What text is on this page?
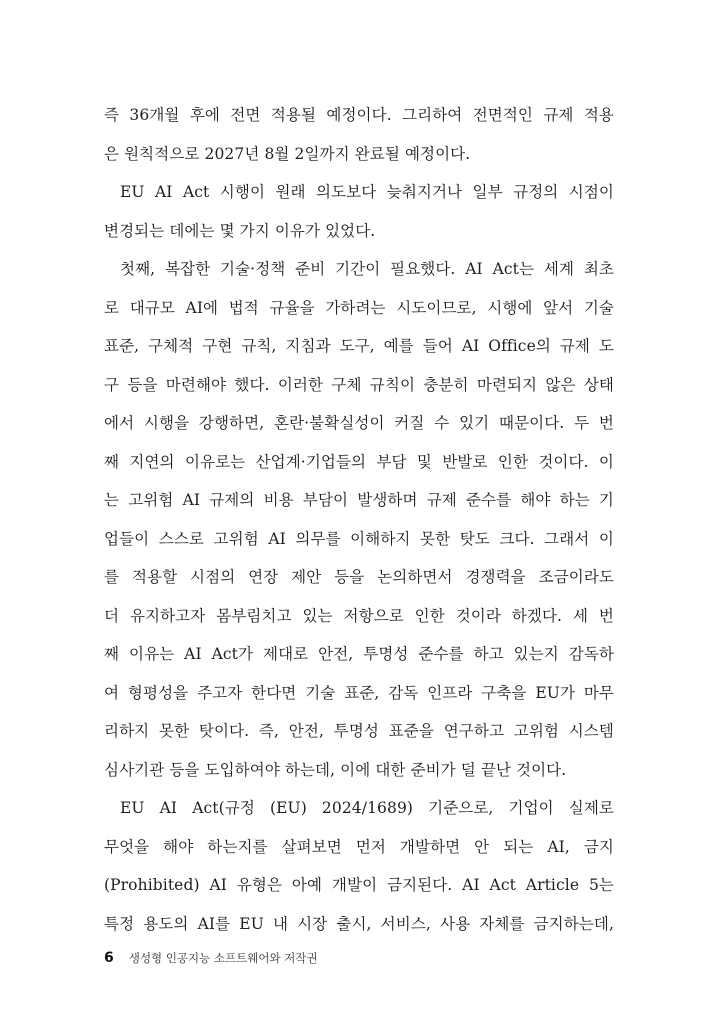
즉 36개월 후에 전면 적용될 예정이다. 그리하여 전면적인 규제 적용
은 원칙적으로 2027년 8월 2일까지 완료될 예정이다.
EU AI Act 시행이 원래 의도보다 늦춰지거나 일부 규정의 시점이
변경되는 데에는 몇 가지 이유가 있었다.
첫째, 복잡한 기술·정책 준비 기간이 필요했다. AI Act는 세계 최초
로 대규모 AI에 법적 규율을 가하려는 시도이므로, 시행에 앞서 기술
표준, 구체적 구현 규칙, 지침과 도구, 예를 들어 AI Office의 규제 도
구 등을 마련해야 했다. 이러한 구체 규칙이 충분히 마련되지 않은 상태
에서 시행을 강행하면, 혼란·불확실성이 커질 수 있기 때문이다. 두 번
째 지연의 이유로는 산업계·기업들의 부담 및 반발로 인한 것이다. 이
는 고위험 AI 규제의 비용 부담이 발생하며 규제 준수를 해야 하는 기
업들이 스스로 고위험 AI 의무를 이해하지 못한 탓도 크다. 그래서 이
를 적용할 시점의 연장 제안 등을 논의하면서 경쟁력을 조금이라도
더 유지하고자 몸부림치고 있는 저항으로 인한 것이라 하겠다. 세 번
째 이유는 AI Act가 제대로 안전, 투명성 준수를 하고 있는지 감독하
여 형평성을 주고자 한다면 기술 표준, 감독 인프라 구축을 EU가 마무
리하지 못한 탓이다. 즉, 안전, 투명성 표준을 연구하고 고위험 시스템
심사기관 등을 도입하여야 하는데, 이에 대한 준비가 덜 끝난 것이다.
EU AI Act(규정 (EU) 2024/1689) 기준으로, 기업이 실제로
무엇을 해야 하는지를 살펴보면 먼저 개발하면 안 되는 AI, 금지
(Prohibited) AI 유형은 아예 개발이 금지된다. AI Act Article 5는
특정 용도의 AI를 EU 내 시장 출시, 서비스, 사용 자체를 금지하는데,
6 생성형 인공지능 소프트웨어와 저작권
